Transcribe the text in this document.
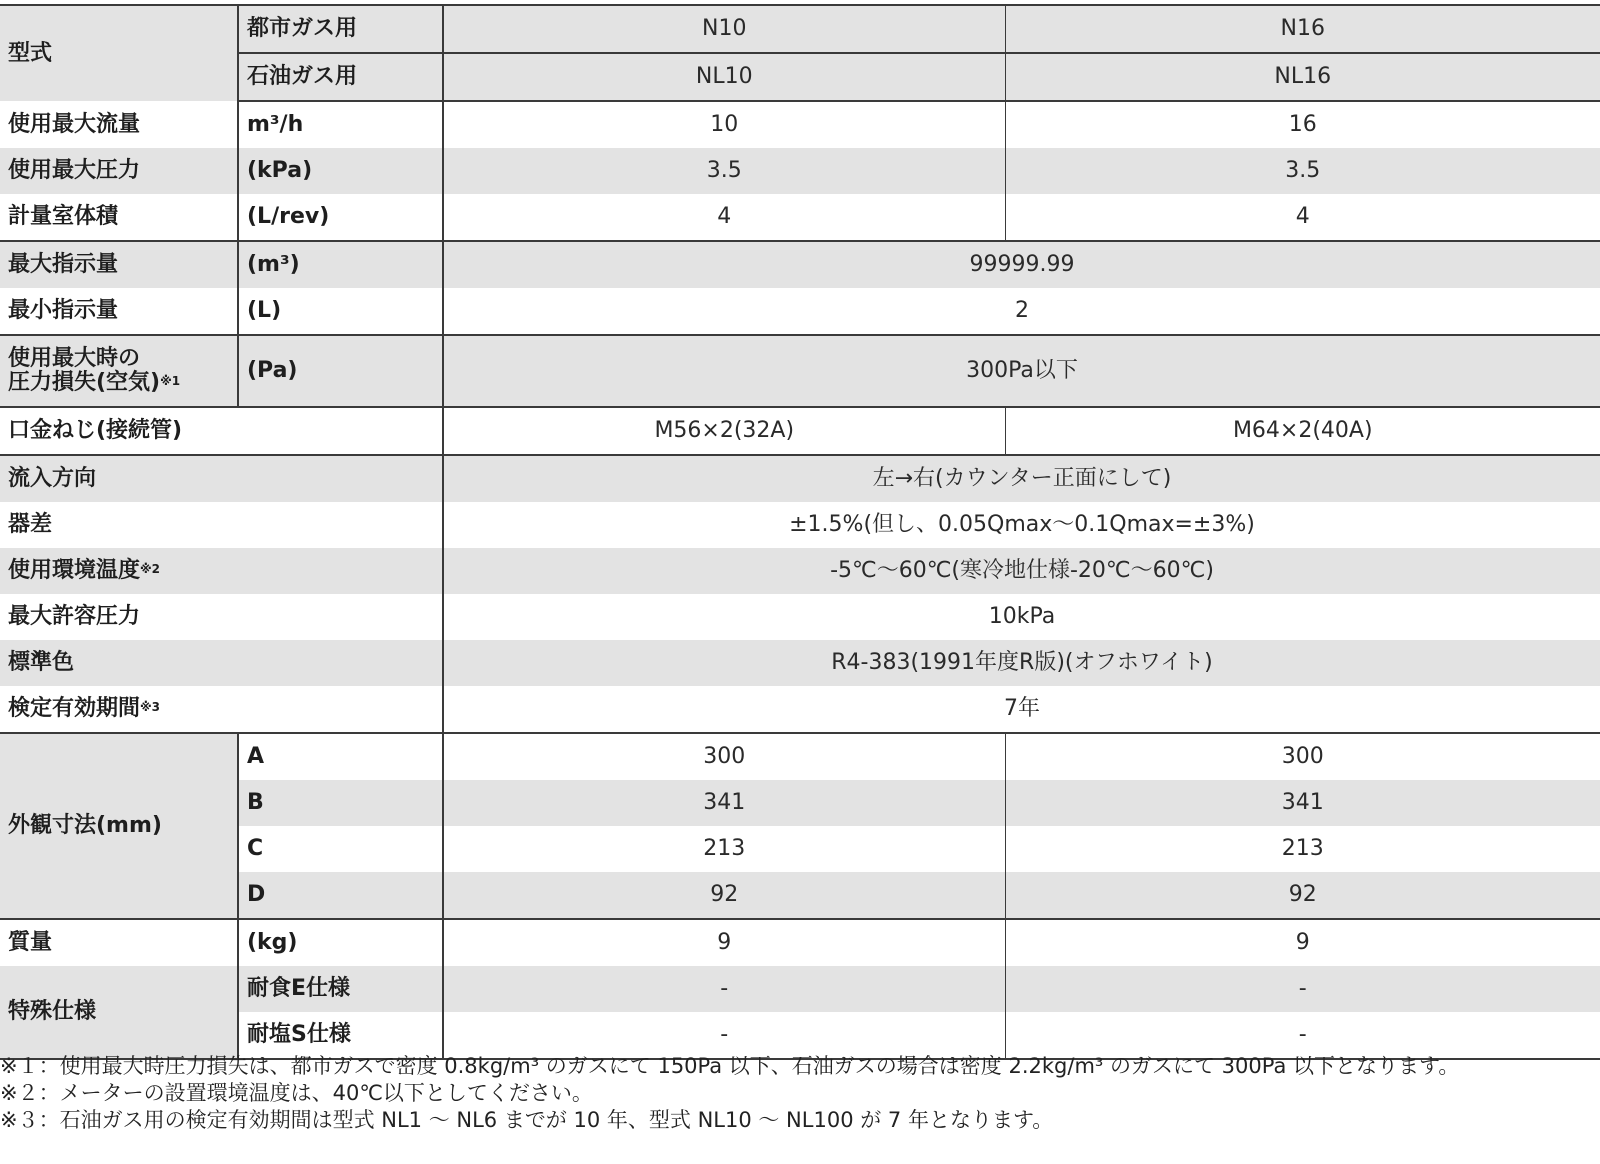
型式	都市ガス用	N10	N16
	石油ガス用	NL10	NL16
使用最大流量	m³/h	10	16
使用最大圧力	(kPa)	3.5	3.5
計量室体積	(L/rev)	4	4
最大指示量	(m³)	99999.99	
最小指示量	(L)	2	
使用最大時の
圧力損失(空気)$^{※1}$	(Pa)	300Pa以下	
口金ねじ(接続管)		M56×2(32A)	M64×2(40A)
流入方向		左→右(カウンター正面にして)	
器差		±1.5%(但し、0.05Qmax～0.1Qmax=±3%)	
使用環境温度$^{※2}$		-5℃～60℃(寒冷地仕様-20℃～60℃)	
最大許容圧力		10kPa	
標準色		R4-383(1991年度R版)(オフホワイト)	
検定有効期間$^{※3}$		7年	
外観寸法(mm)	A	300	300
	B	341	341
	C	213	213
	D	92	92
質量	(kg)	9	9
特殊仕様	耐食E仕様	-	-
	耐塩S仕様	-	-
※１：使用最大時圧力損失は、都市ガスで密度 0.8kg/m³ のガスにて 150Pa 以下、石油ガスの場合は密度 2.2kg/m³ のガスにて 300Pa 以下となります。
※２：メーターの設置環境温度は、40℃以下としてください。
※３：石油ガス用の検定有効期間は型式 NL1 ～ NL6 までが 10 年、型式 NL10 ～ NL100 が 7 年となります。
